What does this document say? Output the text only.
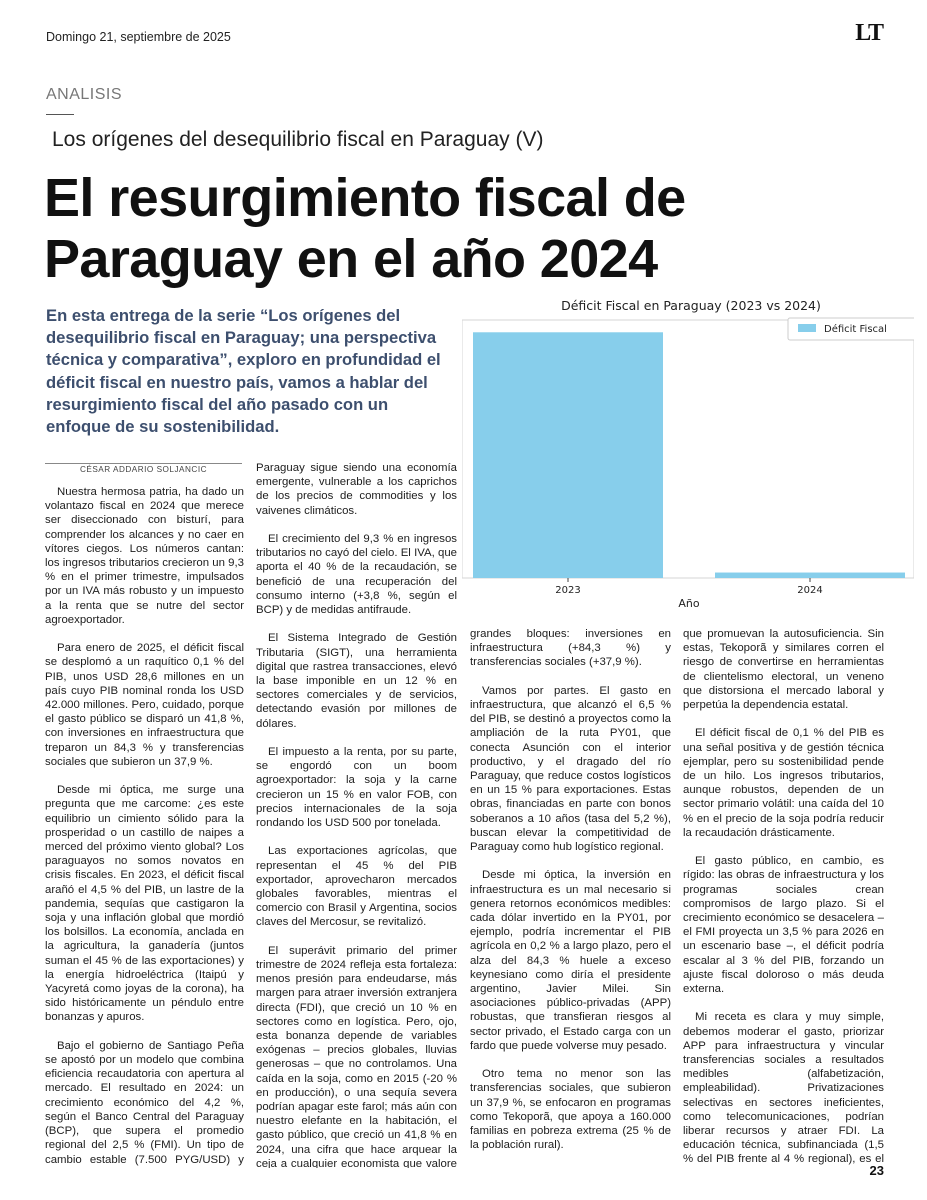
Domingo 21, septiembre de 2025	LT
ANALISIS
Los orígenes del desequilibrio fiscal en Paraguay (V)
El resurgimiento fiscal de Paraguay en el año 2024

En esta entrega de la serie “Los orígenes del desequilibrio fiscal en Paraguay; una perspectiva técnica y comparativa”, exploro en profundidad el déficit fiscal en nuestro país, vamos a hablar del resurgimiento fiscal del año pasado con un enfoque de su sostenibilidad.

Déficit Fiscal en Paraguay (2023 vs 2024)
2023	2024
Año
Déficit Fiscal
CÉSAR ADDARIO SOLJANCIC

Nuestra hermosa patria, ha dado un volantazo fiscal en 2024 que merece ser diseccionado con bisturí, para comprender los alcances y no caer en vítores ciegos. Los números cantan: los ingresos tributarios crecieron un 9,3 % en el primer trimestre, impulsados por un IVA más robusto y un impuesto a la renta que se nutre del sector agroexportador.

Para enero de 2025, el déficit fiscal se desplomó a un raquítico 0,1 % del PIB, unos USD 28,6 millones en un país cuyo PIB nominal ronda los USD 42.000 millones. Pero, cuidado, porque el gasto público se disparó un 41,8 %, con inversiones en infraestructura que treparon un 84,3 % y transferencias sociales que subieron un 37,9 %.

Desde mi óptica, me surge una pregunta que me carcome: ¿es este equilibrio un cimiento sólido para la prosperidad o un castillo de naipes a merced del próximo viento global? Los paraguayos no somos novatos en crisis fiscales. En 2023, el déficit fiscal arañó el 4,5 % del PIB, un lastre de la pandemia, sequías que castigaron la soja y una inflación global que mordió los bolsillos. La economía, anclada en la agricultura, la ganadería (juntos suman el 45 % de las exportaciones) y la energía hidroeléctrica (Itaipú y Yacyretá como joyas de la corona), ha sido históricamente un péndulo entre bonanzas y apuros.

Bajo el gobierno de Santiago Peña se apostó por un modelo que combina eficiencia recaudatoria con apertura al mercado. El resultado en 2024: un crecimiento económico del 4,2 %, según el Banco Central del Paraguay (BCP), que supera el promedio regional del 2,5 % (FMI). Un tipo de cambio estable (7.500 PYG/USD) y

Paraguay sigue siendo una economía emergente, vulnerable a los caprichos de los precios de commodities y los vaivenes climáticos.

El crecimiento del 9,3 % en ingresos tributarios no cayó del cielo. El IVA, que aporta el 40 % de la recaudación, se benefició de una recuperación del consumo interno (+3,8 %, según el BCP) y de medidas antifraude.

El Sistema Integrado de Gestión Tributaria (SIGT), una herramienta digital que rastrea transacciones, elevó la base imponible en un 12 % en sectores comerciales y de servicios, detectando evasión por millones de dólares.

El impuesto a la renta, por su parte, se engordó con un boom agroexportador: la soja y la carne crecieron un 15 % en valor FOB, con precios internacionales de la soja rondando los USD 500 por tonelada.

Las exportaciones agrícolas, que representan el 45 % del PIB exportador, aprovecharon mercados globales favorables, mientras el comercio con Brasil y Argentina, socios claves del Mercosur, se revitalizó.

El superávit primario del primer trimestre de 2024 refleja esta fortaleza: menos presión para endeudarse, más margen para atraer inversión extranjera directa (FDI), que creció un 10 % en sectores como en logística. Pero, ojo, esta bonanza depende de variables exógenas – precios globales, lluvias generosas – que no controlamos. Una caída en la soja, como en 2015 (-20 % en producción), o una sequía severa podrían apagar este farol; más aún con nuestro elefante en la habitación, el gasto público, que creció un 41,8 % en 2024, una cifra que hace arquear la ceja a cualquier economista que valore

grandes bloques: inversiones en infraestructura (+84,3 %) y transferencias sociales (+37,9 %).

Vamos por partes. El gasto en infraestructura, que alcanzó el 6,5 % del PIB, se destinó a proyectos como la ampliación de la ruta PY01, que conecta Asunción con el interior productivo, y el dragado del río Paraguay, que reduce costos logísticos en un 15 % para exportaciones. Estas obras, financiadas en parte con bonos soberanos a 10 años (tasa del 5,2 %), buscan elevar la competitividad de Paraguay como hub logístico regional.

Desde mi óptica, la inversión en infraestructura es un mal necesario si genera retornos económicos medibles: cada dólar invertido en la PY01, por ejemplo, podría incrementar el PIB agrícola en 0,2 % a largo plazo, pero el alza del 84,3 % huele a exceso keynesiano como diría el presidente argentino, Javier Milei. Sin asociaciones público-privadas (APP) robustas, que transfieran riesgos al sector privado, el Estado carga con un fardo que puede volverse muy pesado.

Otro tema no menor son las transferencias sociales, que subieron un 37,9 %, se enfocaron en programas como Tekoporã, que apoya a 160.000 familias en pobreza extrema (25 % de la población rural).

que promuevan la autosuficiencia. Sin estas, Tekoporã y similares corren el riesgo de convertirse en herramientas de clientelismo electoral, un veneno que distorsiona el mercado laboral y perpetúa la dependencia estatal.

El déficit fiscal de 0,1 % del PIB es una señal positiva y de gestión técnica ejemplar, pero su sostenibilidad pende de un hilo. Los ingresos tributarios, aunque robustos, dependen de un sector primario volátil: una caída del 10 % en el precio de la soja podría reducir la recaudación drásticamente.

El gasto público, en cambio, es rígido: las obras de infraestructura y los programas sociales crean compromisos de largo plazo. Si el crecimiento económico se desacelera – el FMI proyecta un 3,5 % para 2026 en un escenario base –, el déficit podría escalar al 3 % del PIB, forzando un ajuste fiscal doloroso o más deuda externa.

Mi receta es clara y muy simple, debemos moderar el gasto, priorizar APP para infraestructura y vincular transferencias sociales a resultados medibles (alfabetización, empleabilidad). Privatizaciones selectivas en sectores ineficientes, como telecomunicaciones, podrían liberar recursos y atraer FDI. La educación técnica, subfinanciada (1,5 % del PIB frente al 4 % regional), es el

23
